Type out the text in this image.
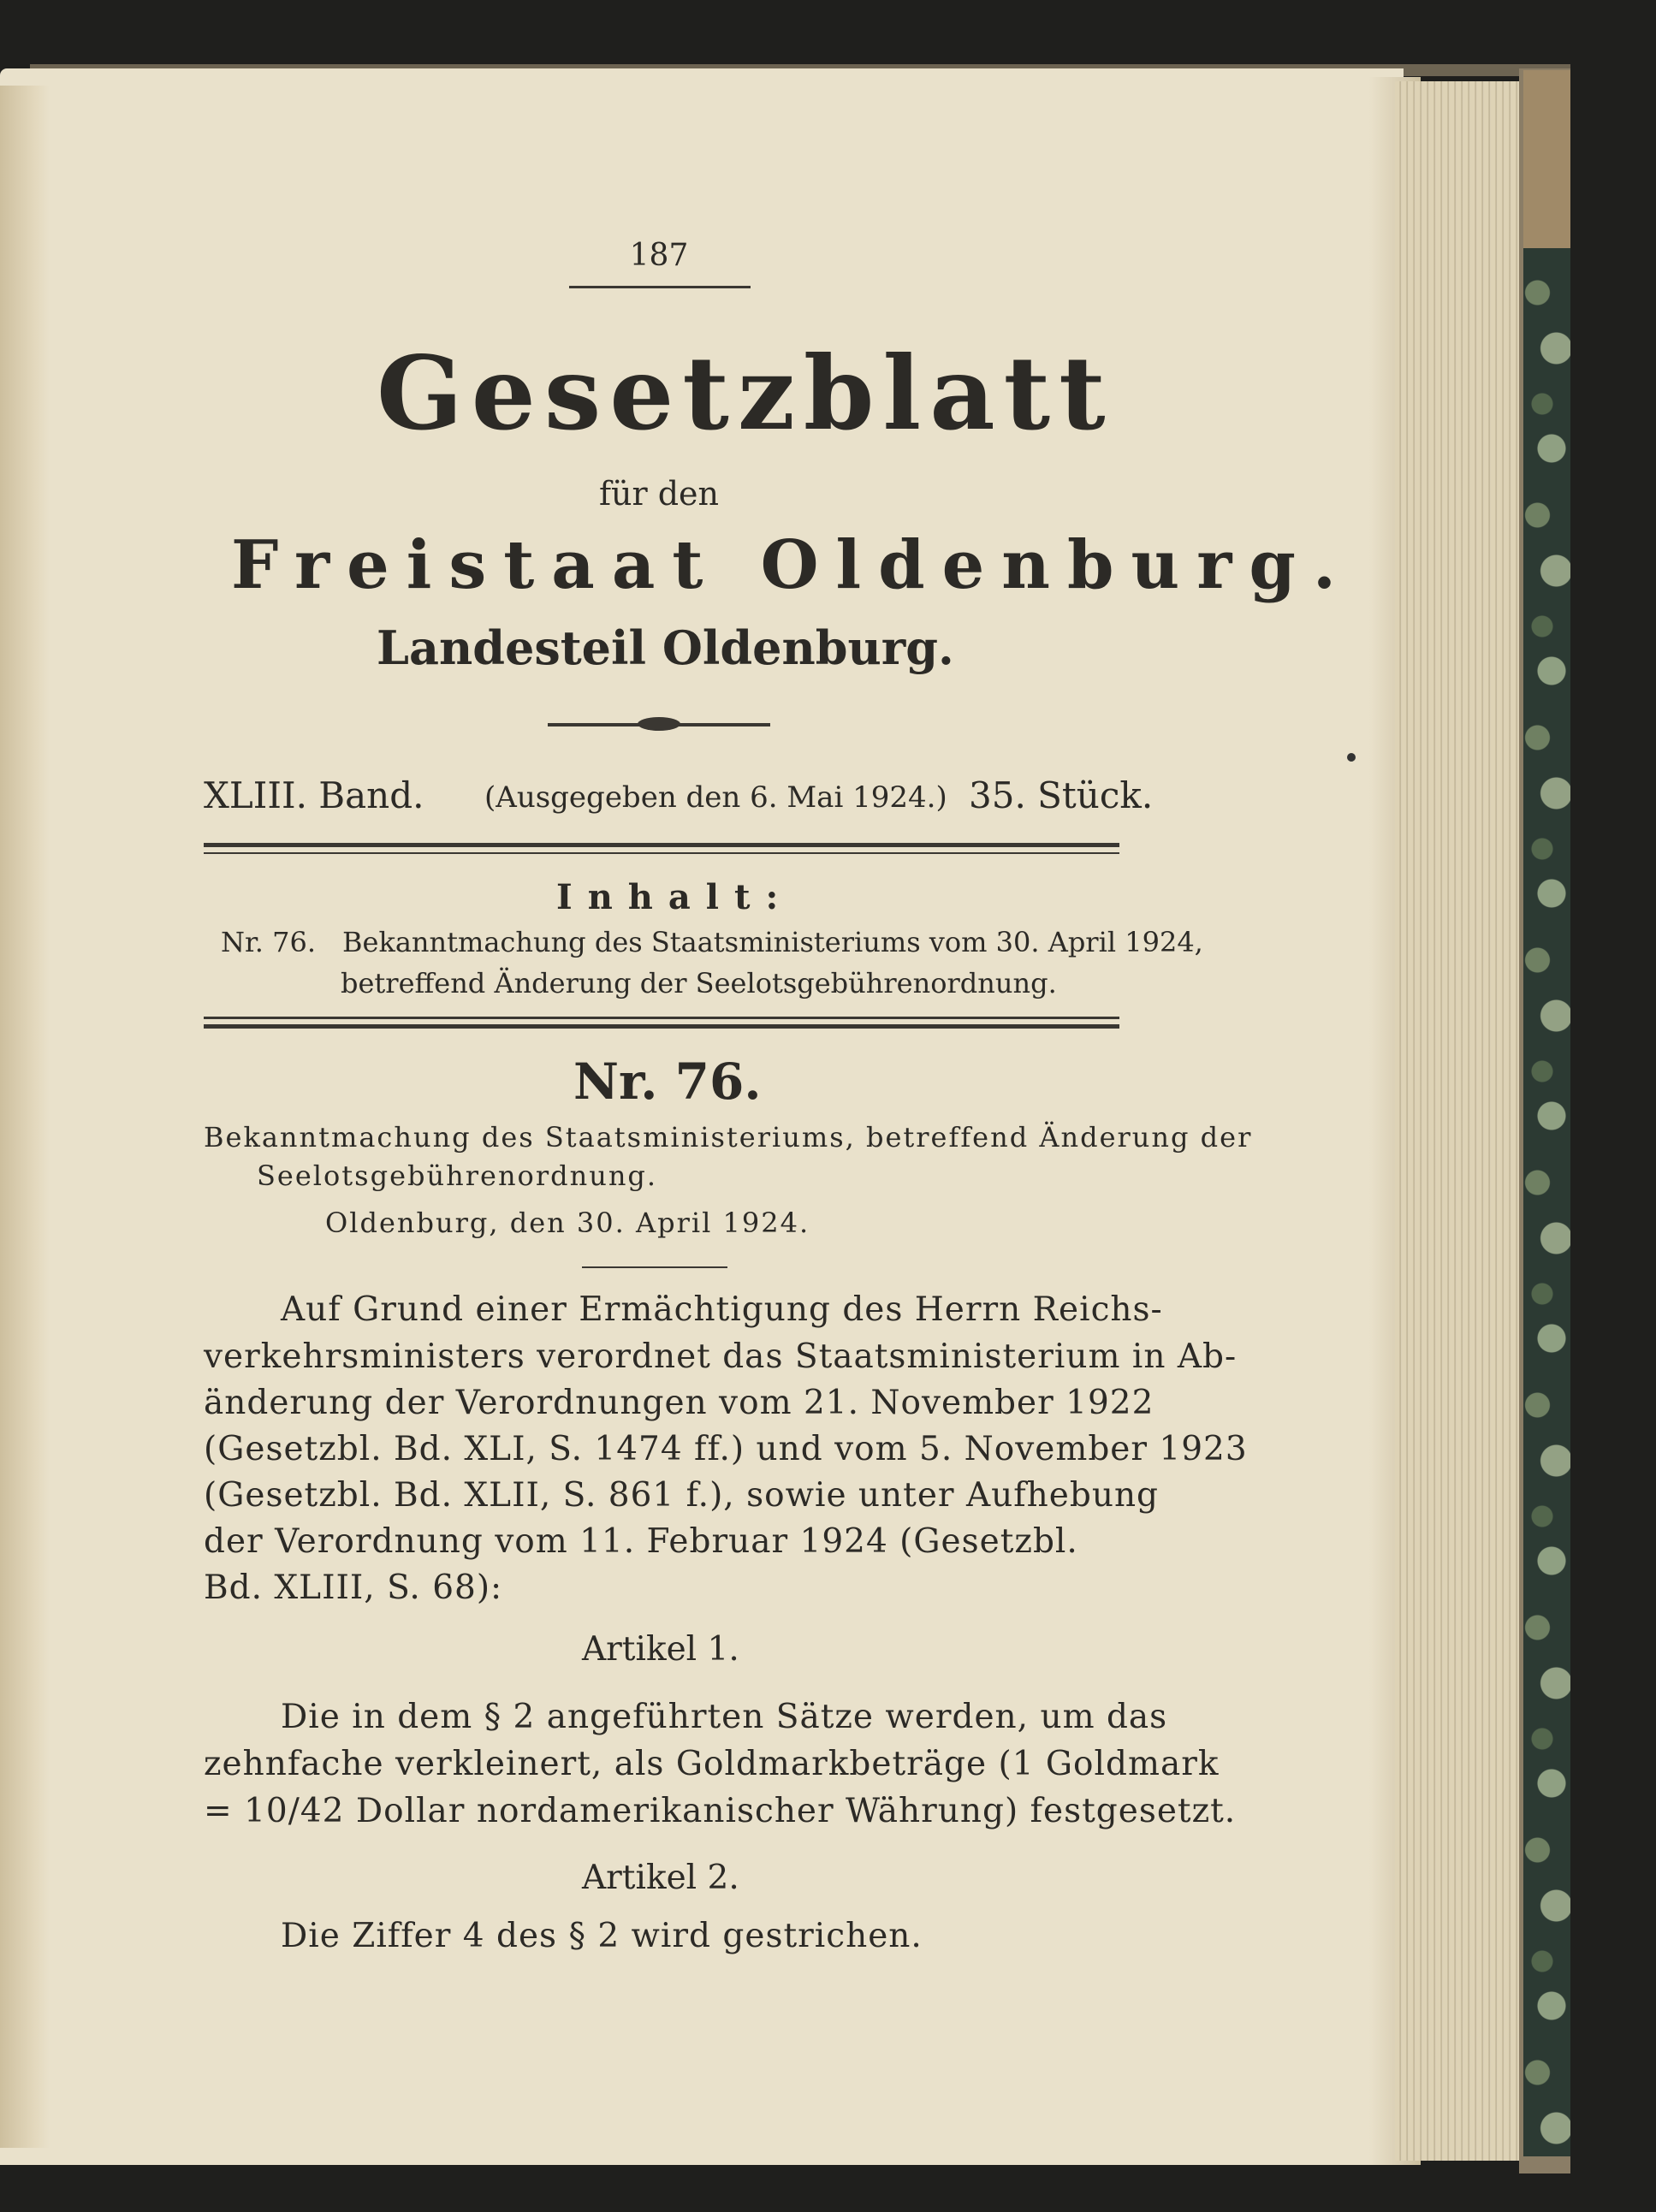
187
Gesetzblatt
für den
Freistaat Oldenburg.
Landesteil Oldenburg.
XLIII. Band. (Ausgegeben den 6. Mai 1924.) 35. Stück.
Inhalt:
Nr. 76. Bekanntmachung des Staatsministeriums vom 30. April 1924,
betreffend Änderung der Seelotsgebührenordnung.
Nr. 76.
Bekanntmachung des Staatsministeriums, betreffend Änderung der
Seelotsgebührenordnung.
Oldenburg, den 30. April 1924.
Auf Grund einer Ermächtigung des Herrn Reichs-
verkehrsministers verordnet das Staatsministerium in Ab-
änderung der Verordnungen vom 21. November 1922
(Gesetzbl. Bd. XLI, S. 1474 ff.) und vom 5. November 1923
(Gesetzbl. Bd. XLII, S. 861 f.), sowie unter Aufhebung
der Verordnung vom 11. Februar 1924 (Gesetzbl.
Bd. XLIII, S. 68):
Artikel 1.
Die in dem § 2 angeführten Sätze werden, um das
zehnfache verkleinert, als Goldmarkbeträge (1 Goldmark
= 10/42 Dollar nordamerikanischer Währung) festgesetzt.
Artikel 2.
Die Ziffer 4 des § 2 wird gestrichen.
